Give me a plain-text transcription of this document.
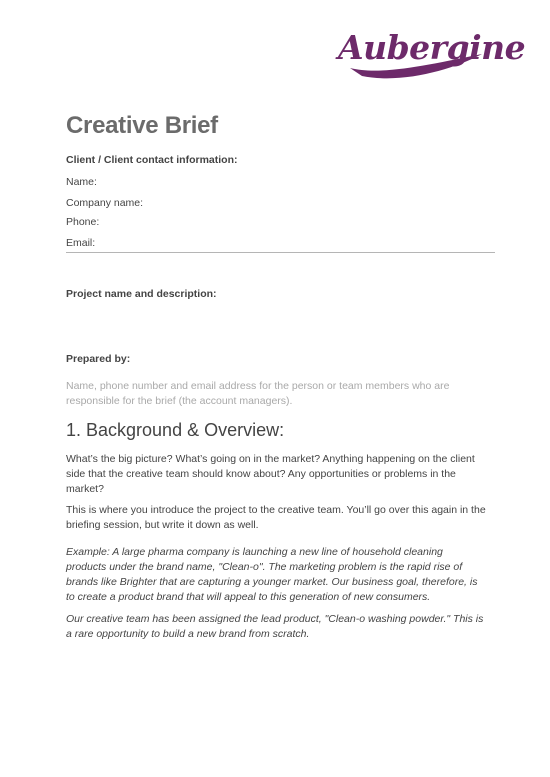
Aubergine
Creative Brief
Client / Client contact information:
Name:
Company name:
Phone:
Email:
Project name and description:
Prepared by:
Name, phone number and email address for the person or team members who are responsible for the brief (the account managers).
1. Background & Overview:

What’s the big picture? What’s going on in the market? Anything happening on the client side that the creative team should know about? Any opportunities or problems in the market?

This is where you introduce the project to the creative team. You’ll go over this again in the briefing session, but write it down as well.

Example: A large pharma company is launching a new line of household cleaning products under the brand name, "Clean-o". The marketing problem is the rapid rise of brands like Brighter that are capturing a younger market. Our business goal, therefore, is to create a product brand that will appeal to this generation of new consumers.

Our creative team has been assigned the lead product, "Clean-o washing powder." This is a rare opportunity to build a new brand from scratch.
